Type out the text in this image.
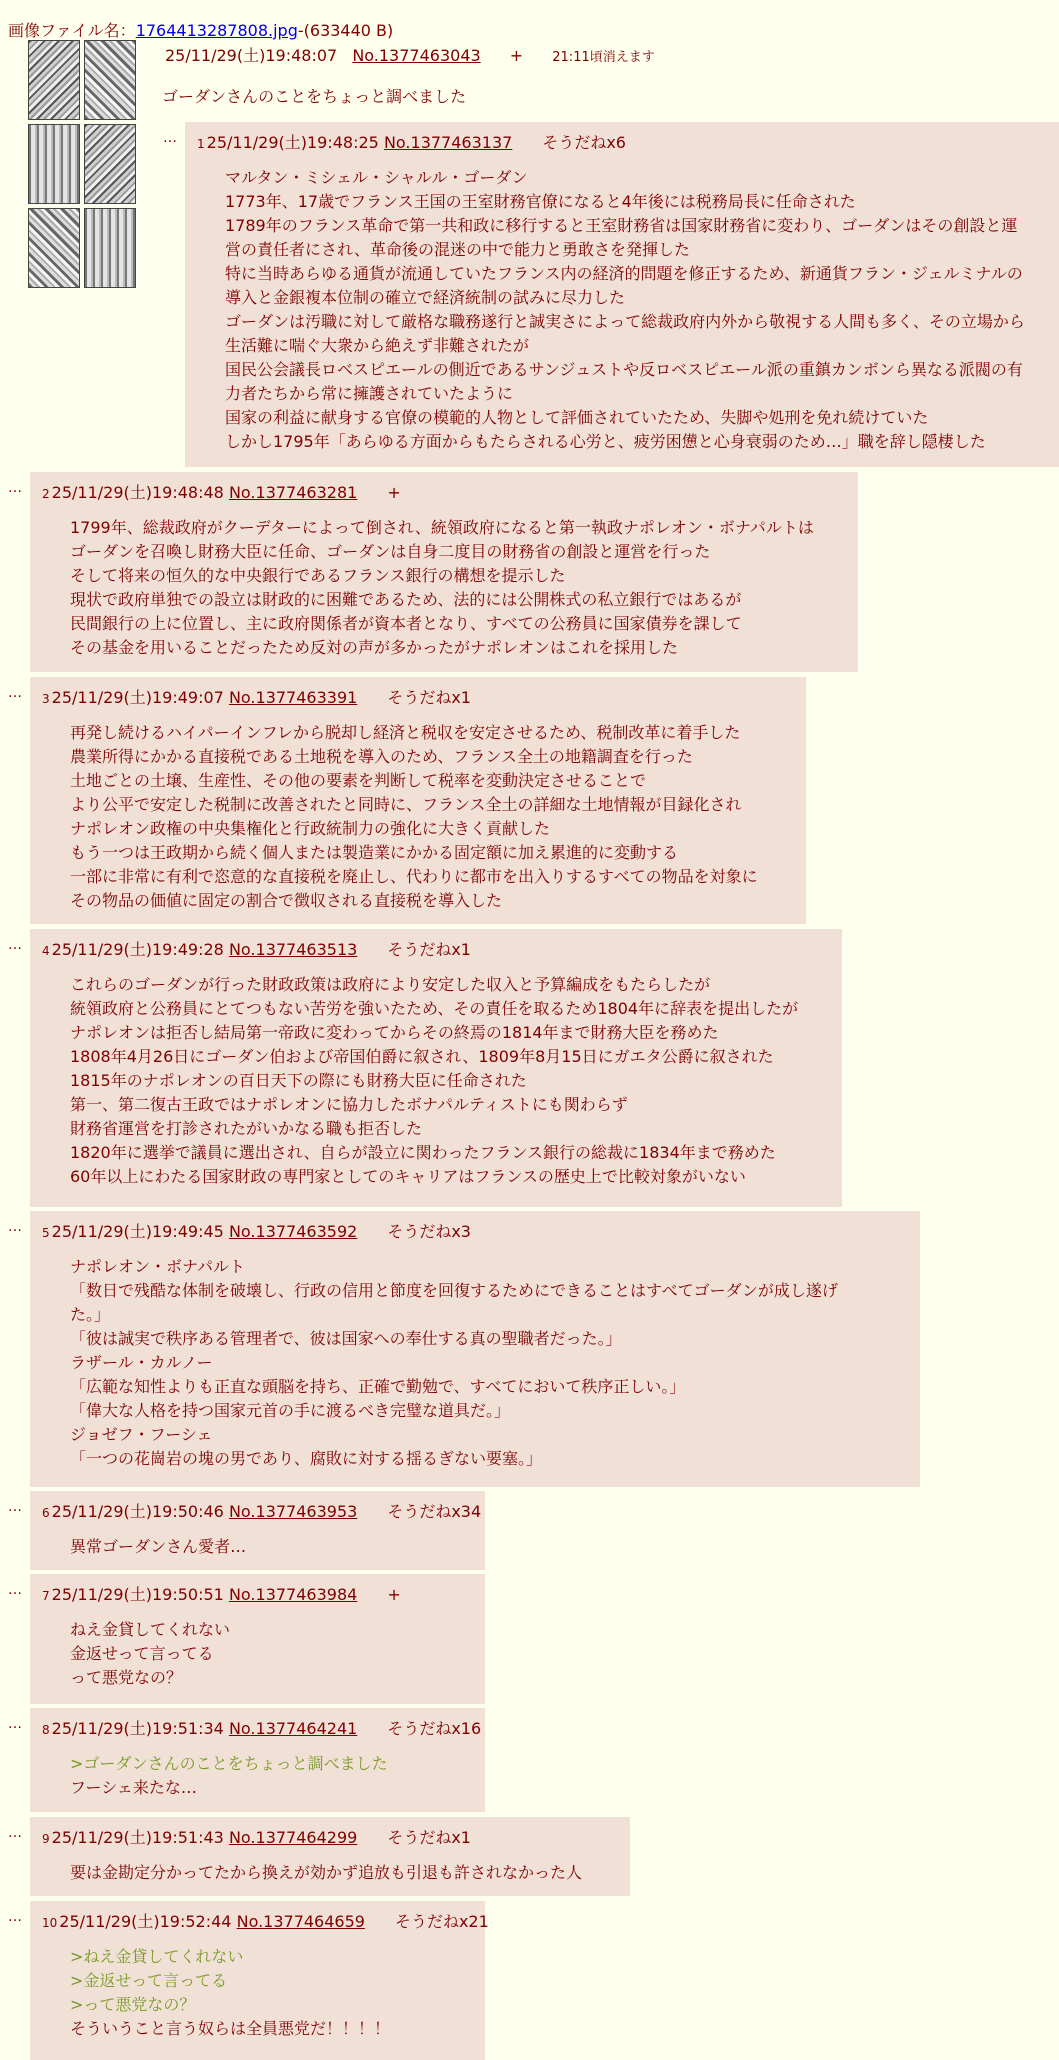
画像ファイル名：1764413287808.jpg-(633440 B)
25/11/29(土)19:48:07 No.1377463043 + 21:11頃消えます
ゴーダンさんのことをちょっと調べました
… 1 25/11/29(土)19:48:25 No.1377463137 そうだねx6
マルタン・ミシェル・シャルル・ゴーダン
1773年、17歳でフランス王国の王室財務官僚になると4年後には税務局長に任命された
1789年のフランス革命で第一共和政に移行すると王室財務省は国家財務省に変わり、ゴーダンはその創設と運
営の責任者にされ、革命後の混迷の中で能力と勇敢さを発揮した
特に当時あらゆる通貨が流通していたフランス内の経済的問題を修正するため、新通貨フラン・ジェルミナルの
導入と金銀複本位制の確立で経済統制の試みに尽力した
ゴーダンは汚職に対して厳格な職務遂行と誠実さによって総裁政府内外から敬視する人間も多く、その立場から
生活難に喘ぐ大衆から絶えず非難されたが
国民公会議長ロベスピエールの側近であるサンジュストや反ロベスピエール派の重鎮カンボンら異なる派閥の有
力者たちから常に擁護されていたように
国家の利益に献身する官僚の模範的人物として評価されていたため、失脚や処刑を免れ続けていた
しかし1795年「あらゆる方面からもたらされる心労と、疲労困憊と心身衰弱のため…」職を辞し隠棲した
… 2 25/11/29(土)19:48:48 No.1377463281 +
1799年、総裁政府がクーデターによって倒され、統領政府になると第一執政ナポレオン・ボナパルトは
ゴーダンを召喚し財務大臣に任命、ゴーダンは自身二度目の財務省の創設と運営を行った
そして将来の恒久的な中央銀行であるフランス銀行の構想を提示した
現状で政府単独での設立は財政的に困難であるため、法的には公開株式の私立銀行ではあるが
民間銀行の上に位置し、主に政府関係者が資本者となり、すべての公務員に国家債券を課して
その基金を用いることだったため反対の声が多かったがナポレオンはこれを採用した
… 3 25/11/29(土)19:49:07 No.1377463391 そうだねx1
再発し続けるハイパーインフレから脱却し経済と税収を安定させるため、税制改革に着手した
農業所得にかかる直接税である土地税を導入のため、フランス全土の地籍調査を行った
土地ごとの土壌、生産性、その他の要素を判断して税率を変動決定させることで
より公平で安定した税制に改善されたと同時に、フランス全土の詳細な土地情報が目録化され
ナポレオン政権の中央集権化と行政統制力の強化に大きく貢献した
もう一つは王政期から続く個人または製造業にかかる固定額に加え累進的に変動する
一部に非常に有利で恣意的な直接税を廃止し、代わりに都市を出入りするすべての物品を対象に
その物品の価値に固定の割合で徴収される直接税を導入した
… 4 25/11/29(土)19:49:28 No.1377463513 そうだねx1
これらのゴーダンが行った財政政策は政府により安定した収入と予算編成をもたらしたが
統領政府と公務員にとてつもない苦労を強いたため、その責任を取るため1804年に辞表を提出したが
ナポレオンは拒否し結局第一帝政に変わってからその終焉の1814年まで財務大臣を務めた
1808年4月26日にゴーダン伯および帝国伯爵に叙され、1809年8月15日にガエタ公爵に叙された
1815年のナポレオンの百日天下の際にも財務大臣に任命された
第一、第二復古王政ではナポレオンに協力したボナパルティストにも関わらず
財務省運営を打診されたがいかなる職も拒否した
1820年に選挙で議員に選出され、自らが設立に関わったフランス銀行の総裁に1834年まで務めた
60年以上にわたる国家財政の専門家としてのキャリアはフランスの歴史上で比較対象がいない
… 5 25/11/29(土)19:49:45 No.1377463592 そうだねx3
ナポレオン・ボナパルト
「数日で残酷な体制を破壊し、行政の信用と節度を回復するためにできることはすべてゴーダンが成し遂げ
た。」
「彼は誠実で秩序ある管理者で、彼は国家への奉仕する真の聖職者だった。」
ラザール・カルノー
「広範な知性よりも正直な頭脳を持ち、正確で勤勉で、すべてにおいて秩序正しい。」
「偉大な人格を持つ国家元首の手に渡るべき完璧な道具だ。」
ジョゼフ・フーシェ
「一つの花崗岩の塊の男であり、腐敗に対する揺るぎない要塞。」
… 6 25/11/29(土)19:50:46 No.1377463953 そうだねx34
異常ゴーダンさん愛者…
… 7 25/11/29(土)19:50:51 No.1377463984 +
ねえ金貸してくれない
金返せって言ってる
って悪党なの？
… 8 25/11/29(土)19:51:34 No.1377464241 そうだねx16
>ゴーダンさんのことをちょっと調べました
フーシェ来たな…
… 9 25/11/29(土)19:51:43 No.1377464299 そうだねx1
要は金勘定分かってたから換えが効かず追放も引退も許されなかった人
… 10 25/11/29(土)19:52:44 No.1377464659 そうだねx21
>ねえ金貸してくれない
>金返せって言ってる
>って悪党なの？
そういうこと言う奴らは全員悪党だ！！！！
